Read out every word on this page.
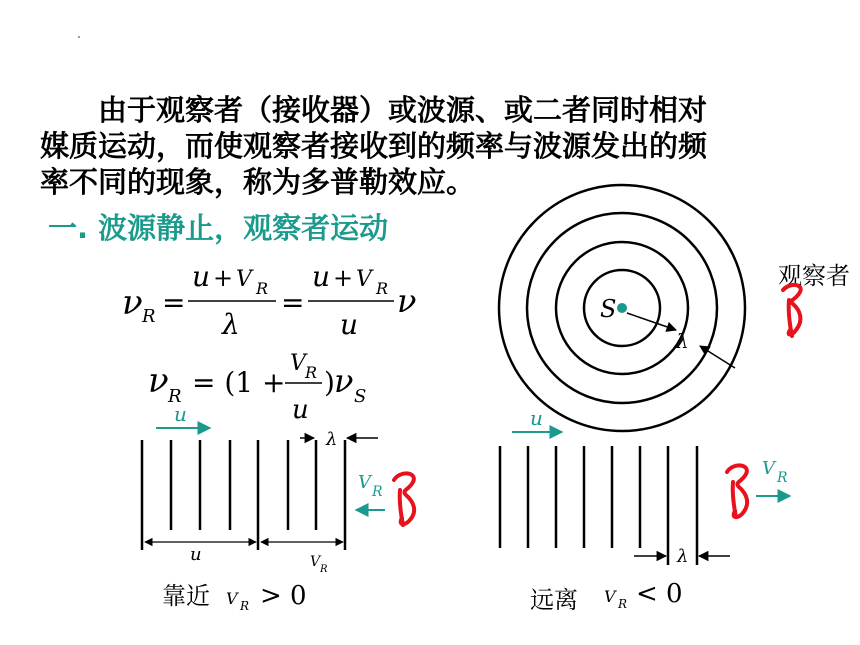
由于观察者（接收器）或波源、或二者同时相对
媒质运动，而使观察者接收到的频率与波源发出的频
率不同的现象，称为多普勒效应。
一. 波源静止，观察者运动
观察者
靠近	远离
ν R =
u + V R
λ
=
u + V R
u
ν
ν R = (1 +
V R
u
) ν S
S
λ
u
λ
V R
u	V R
V R > 0
u
λ
V R
V R < 0
